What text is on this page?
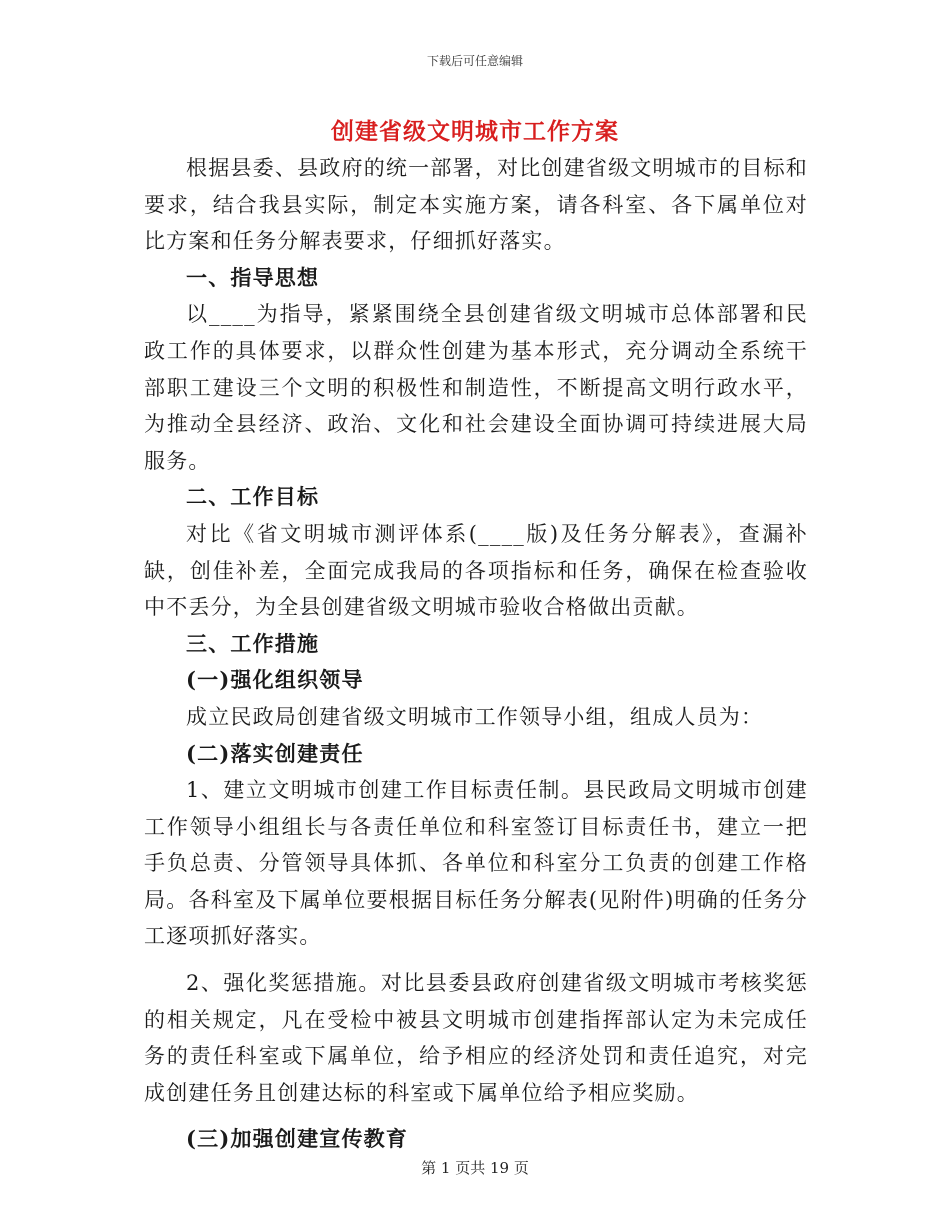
下载后可任意编辑
创建省级文明城市工作方案

根据县委、县政府的统一部署，对比创建省级文明城市的目标和要求，结合我县实际，制定本实施方案，请各科室、各下属单位对比方案和任务分解表要求，仔细抓好落实。

一、指导思想

以____为指导，紧紧围绕全县创建省级文明城市总体部署和民政工作的具体要求，以群众性创建为基本形式，充分调动全系统干部职工建设三个文明的积极性和制造性，不断提高文明行政水平，为推动全县经济、政治、文化和社会建设全面协调可持续进展大局服务。

二、工作目标

对比《省文明城市测评体系(____版)及任务分解表》，查漏补缺，创佳补差，全面完成我局的各项指标和任务，确保在检查验收中不丢分，为全县创建省级文明城市验收合格做出贡献。

三、工作措施

(一)强化组织领导

成立民政局创建省级文明城市工作领导小组，组成人员为：

(二)落实创建责任

1、建立文明城市创建工作目标责任制。县民政局文明城市创建工作领导小组组长与各责任单位和科室签订目标责任书，建立一把手负总责、分管领导具体抓、各单位和科室分工负责的创建工作格局。各科室及下属单位要根据目标任务分解表(见附件)明确的任务分工逐项抓好落实。

2、强化奖惩措施。对比县委县政府创建省级文明城市考核奖惩的相关规定，凡在受检中被县文明城市创建指挥部认定为未完成任务的责任科室或下属单位，给予相应的经济处罚和责任追究，对完成创建任务且创建达标的科室或下属单位给予相应奖励。

(三)加强创建宣传教育

第 1 页共 19 页
